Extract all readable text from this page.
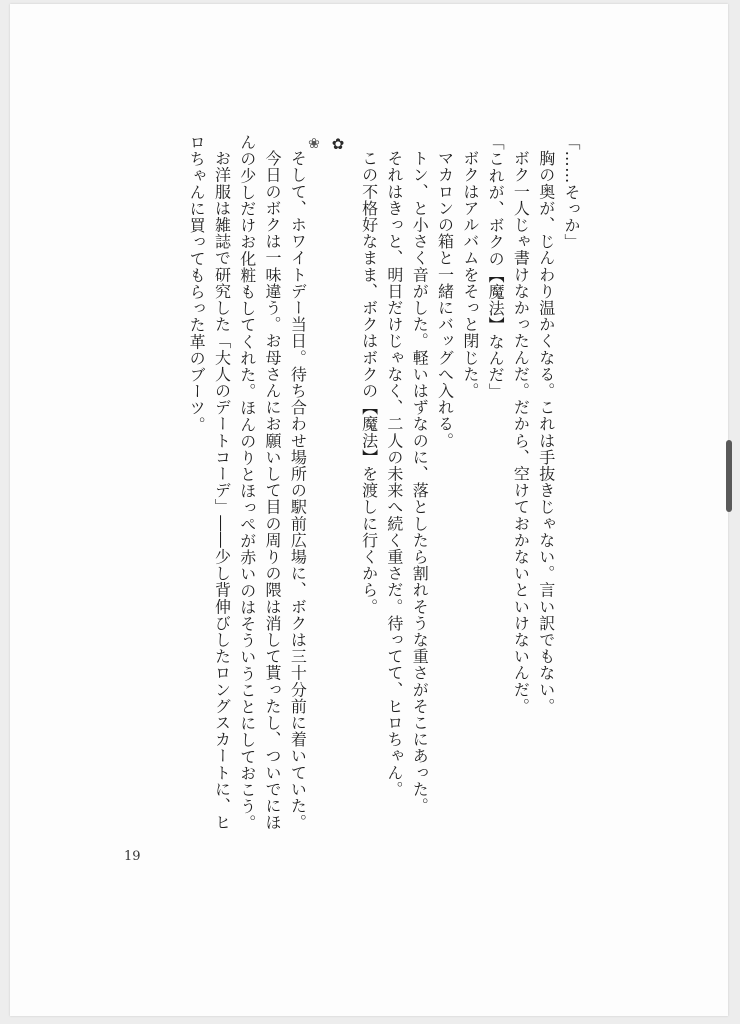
「……そっか」

胸の奥が、じんわり温かくなる。これは手抜きじゃない。言い訳でもない。

ボク一人じゃ書けなかったんだ。だから、空けておかないといけないんだ。

「これが、ボクの【魔法】なんだ」

ボクはアルバムをそっと閉じた。

マカロンの箱と一緒にバッグへ入れる。

トン、と小さく音がした。軽いはずなのに、落としたら割れそうな重さがそこにあった。

それはきっと、明日だけじゃなく、二人の未来へ続く重さだ。待ってて、ヒロちゃん。

この不格好なまま、ボクはボクの【魔法】を渡しに行くから。

✿
❀

そして、ホワイトデー当日。待ち合わせ場所の駅前広場に、ボクは三十分前に着いていた。

今日のボクは一味違う。お母さんにお願いして目の周りの隈は消して貰ったし、ついでにほ

んの少しだけお化粧もしてくれた。ほんのりとほっぺが赤いのはそういうことにしておこう。

お洋服は雑誌で研究した「大人のデートコーデ」――少し背伸びしたロングスカートに、ヒ

ロちゃんに買ってもらった革のブーツ。

19
